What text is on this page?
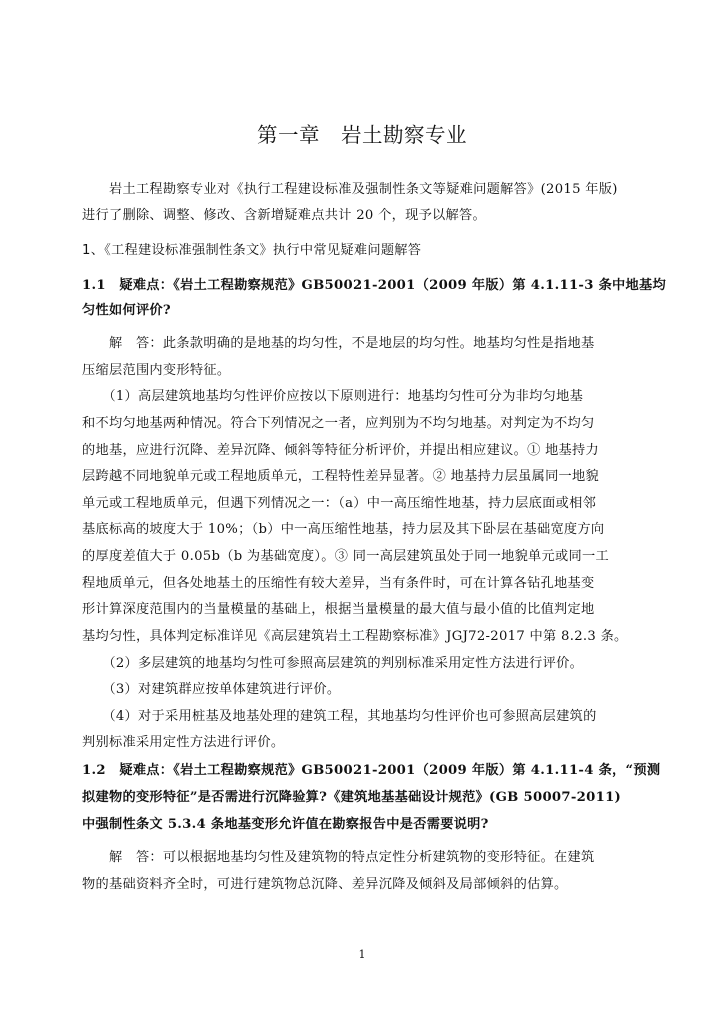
第一章　岩土勘察专业
　　岩土工程勘察专业对《执行工程建设标准及强制性条文等疑难问题解答》(2015 年版)
进行了删除、调整、修改、含新增疑难点共计 20 个，现予以解答。
1、《工程建设标准强制性条文》执行中常见疑难问题解答
1.1　疑难点：《岩土工程勘察规范》GB50021-2001（2009 年版）第 4.1.11-3 条中地基均
匀性如何评价?
　　解　答：此条款明确的是地基的均匀性，不是地层的均匀性。地基均匀性是指地基
压缩层范围内变形特征。
　　（1）高层建筑地基均匀性评价应按以下原则进行：地基均匀性可分为非均匀地基
和不均匀地基两种情况。符合下列情况之一者，应判别为不均匀地基。对判定为不均匀
的地基，应进行沉降、差异沉降、倾斜等特征分析评价，并提出相应建议。① 地基持力
层跨越不同地貌单元或工程地质单元，工程特性差异显著。② 地基持力层虽属同一地貌
单元或工程地质单元，但遇下列情况之一：（a）中一高压缩性地基，持力层底面或相邻
基底标高的坡度大于 10%；（b）中一高压缩性地基，持力层及其下卧层在基础宽度方向
的厚度差值大于 0.05b（b 为基础宽度）。③ 同一高层建筑虽处于同一地貌单元或同一工
程地质单元，但各处地基土的压缩性有较大差异，当有条件时，可在计算各钻孔地基变
形计算深度范围内的当量模量的基础上，根据当量模量的最大值与最小值的比值判定地
基均匀性，具体判定标准详见《高层建筑岩土工程勘察标准》JGJ72-2017 中第 8.2.3 条。
　　（2）多层建筑的地基均匀性可参照高层建筑的判别标准采用定性方法进行评价。
　　（3）对建筑群应按单体建筑进行评价。
　　（4）对于采用桩基及地基处理的建筑工程，其地基均匀性评价也可参照高层建筑的
判别标准采用定性方法进行评价。
1.2　疑难点：《岩土工程勘察规范》GB50021-2001（2009 年版）第 4.1.11-4 条，“预测
拟建物的变形特征”是否需进行沉降验算?《建筑地基基础设计规范》(GB 50007-2011)
中强制性条文 5.3.4 条地基变形允许值在勘察报告中是否需要说明?
　　解　答：可以根据地基均匀性及建筑物的特点定性分析建筑物的变形特征。在建筑
物的基础资料齐全时，可进行建筑物总沉降、差异沉降及倾斜及局部倾斜的估算。
1
